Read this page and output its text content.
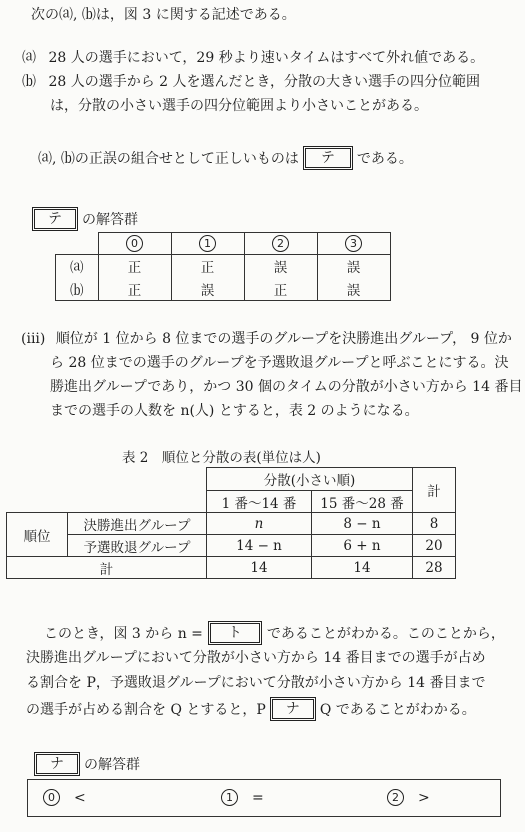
次の⒜, ⒝は，図 3 に関する記述である。
⒜ 28 人の選手において，29 秒より速いタイムはすべて外れ値である。
⒝ 28 人の選手から 2 人を選んだとき，分散の大きい選手の四分位範囲
は，分散の小さい選手の四分位範囲より小さいことがある。
⒜, ⒝の正誤の組合せとして正しいものは	テ	である。
テ	の解答群
	0	1	2	3
⒜	正	正	誤	誤
⒝	正	誤	正	誤
(iii) 順位が 1 位から 8 位までの選手のグループを決勝進出グループ， 9 位か
ら 28 位までの選手のグループを予選敗退グループと呼ぶことにする。決
勝進出グループであり，かつ 30 個のタイムの分散が小さい方から 14 番目
までの選手の人数を n(人) とすると，表 2 のようになる。
表 2　順位と分散の表(単位は人)
		分散(小さい順)		計
		1 番～14 番	15 番～28 番	
順位	決勝進出グループ	n	8 − n	8
	予選敗退グループ	14 − n	6 + n	20
計		14	14	28
このとき，図 3 から n =	ト	であることがわかる。このことから，
決勝進出グループにおいて分散が小さい方から 14 番目までの選手が占め
る割合を P，予選敗退グループにおいて分散が小さい方から 14 番目まで
の選手が占める割合を Q とすると，P	ナ	Q であることがわかる。
ナ	の解答群
0	<	1	=	2	>
